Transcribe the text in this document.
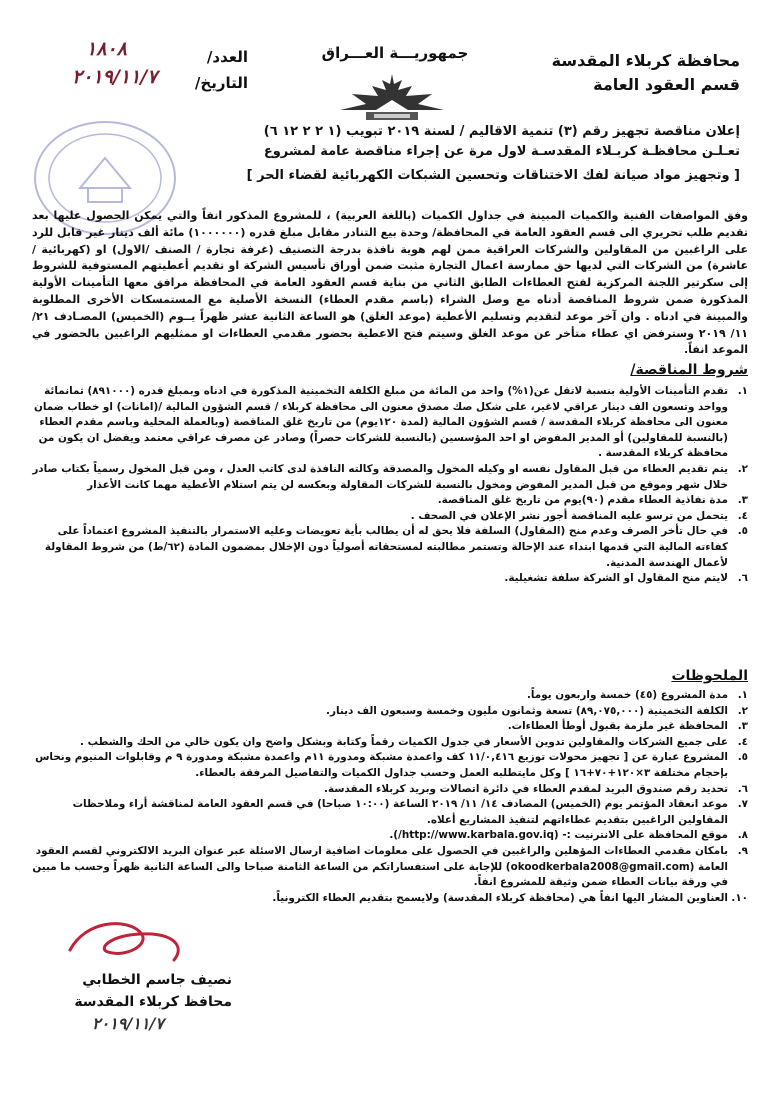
العدد/
١٨٠٨
التاريخ/
٢٠١٩/١١/٧
جمهوريـــة العـــراق	محافظة كربلاء المقدسة
قسم العقود العامة
إعلان مناقصة تجهيز رقم (٣) تنمية الاقاليم / لسنة ٢٠١٩ تبويب (١ ٢ ٢ ١٢ ٦)
تعـلـن محافظـة كربـلاء المقدسـة لاول مرة عن إجراء مناقصة عامة لمشروع
[ وتجهيز مواد صيانة لفك الاختناقات وتحسين الشبكات الكهربائية لقضاء الحر ]
وفق المواصفات الفنية والكميات المبينة في جداول الكميات (باللغة العربية) ، للمشروع المذكور انفاً والتي يمكن الحصول عليها بعد تقديم طلب تحريري الى قسم العقود العامة في المحافظة/ وحدة بيع التنادر مقابل مبلغ قدره (١٠٠٠٠٠٠) مائة ألف دينار غير قابل للرد على الراغبين من المقاولين والشركات العراقية ممن لهم هوية نافذة بدرجة التصنيف (غرفة تجارة / الصنف /الاول) او (كهربائية /عاشرة) من الشركات التي لديها حق ممارسة اعمال التجارة مثبت ضمن أوراق تأسيس الشركة او تقديم أعطيتهم المستوفية للشروط إلى سكرتير اللجنة المركزية لفتح العطاءات الطابق الثاني من بناية قسم العقود العامة في المحافظة مرافق معها التأمينات الأولية المذكورة ضمن شروط المناقصة أدناه مع وصل الشراء (باسم مقدم العطاء) النسخة الأصلية مع المستمسكات الأخرى المطلوبة والمبينة في ادناه . وان آخر موعد لتقديم وتسليم الأعطية (موعد الغلق) هو الساعة الثانية عشر ظهراً يــوم (الخميس) المصـادف ٢١/ ١١/ ٢٠١٩ وسترفض اي عطاء متأخر عن موعد الغلق وسيتم فتح الاعطية بحضور مقدمي العطاءات او ممثليهم الراغبين بالحضور في الموعد انفاً.
شروط المناقصة/
١.
تقدم التأمينات الأولية بنسبة لاتقل عن(١%) واحد من المائة من مبلغ الكلفة التخمينية المذكورة في ادناه وبمبلغ قدره (٨٩١٠٠٠) ثمانمائة وواحد وتسعون الف دينار عراقي لاغير، على شكل صك مصدق معنون الى محافظة كربلاء / قسم الشؤون المالية /(امانات) او خطاب ضمان معنون الى محافظة كربلاء المقدسة / قسم الشؤون المالية (لمدة ١٢٠يوم) من تاريخ غلق المناقصة (وبالعملة المحلية وباسم مقدم العطاء (بالنسبة للمقاولين) أو المدير المفوض او احد المؤسسين (بالنسبة للشركات حصراً) وصادر عن مصرف عراقي معتمد ويفضل ان يكون من محافظة كربلاء المقدسة .
٢.
يتم تقديم العطاء من قبل المقاول نفسه او وكيله المخول والمصدقة وكالته النافذة لدى كاتب العدل ، ومن قبل المخول رسمياً بكتاب صادر خلال شهر وموقع من قبل المدير المفوض ومخول بالنسبة للشركات المقاولة وبعكسه لن يتم استلام الأعطية مهما كانت الأعذار
٣.
مدة نفاذية العطاء مقدم (٩٠)يوم من تاريخ غلق المناقصة.
٤.
يتحمل من ترسو عليه المناقصة أجور نشر الإعلان في الصحف .
٥.
في حال تأخر الصرف وعدم منح (المقاول) السلفة فلا يحق له أن يطالب بأية تعويضات وعليه الاستمرار بالتنفيذ المشروع اعتماداً على كفاءته المالية التي قدمها ابتداء عند الإحالة وتستمر مطالبته لمستحقاته أصولياً دون الإخلال بمضمون المادة (٦٢/ط) من شروط المقاولة لأعمال الهندسة المدنية.
٦.
لايتم منح المقاول او الشركة سلفة تشغيلية.
الملحوظات
١.
مدة المشروع (٤٥) خمسة واربعون يوماً.
٢.
الكلفة التخمينية (٨٩,٠٧٥,٠٠٠) تسعة وثمانون مليون وخمسة وسبعون الف دينار.
٣.
المحافظة غير ملزمة بقبول أوطأ العطاءات.
٤.
على جميع الشركات والمقاولين تدوين الأسعار في جدول الكميات رقماً وكتابة وبشكل واضح وان يكون خالي من الحك والشطب .
٥.
المشروع عبارة عن [ تجهيز محولات توزيع ١١/٠,٤١٦ كف واعمدة مشبكة ومدورة ١١م واعمدة مشبكة ومدورة ٩ م وقابلوات المنيوم ونحاس بإحجام مختلفة ٣×١٢٠+٧٠+١٦ ] وكل مايتطلبه العمل وحسب جداول الكميات والتفاصيل المرفقة بالعطاء.
٦.
تحديد رقم صندوق البريد لمقدم العطاء في دائرة اتصالات وبريد كربلاء المقدسة.
٧.
موعد انعقاد المؤتمر يوم (الخميس) المصادف ١٤/ ١١/ ٢٠١٩ الساعة (١٠:٠٠ صباحا) في قسم العقود العامة لمناقشة أراء وملاحظات المقاولين الراغبين بتقديم عطاءاتهم لتنفيذ المشاريع أعلاه.
٨.
موقع المحافظة على الانترنيت :- (http://www.karbala.gov.iq/).
٩.
بامكان مقدمي العطاءات المؤهلين والراغبين في الحصول على معلومات اضافية ارسال الاسئلة عبر عنوان البريد الالكتروني لقسم العقود العامة (okoodkerbala2008@gmail.com) للإجابة على استفساراتكم من الساعة الثامنة صباحا والى الساعة الثانية ظهراً وحسب ما مبين في ورقة بيانات العطاء ضمن وثيقة للمشروع انفاً.
١٠.
العناوين المشار اليها انفاً هي (محافظة كربلاء المقدسة) ولايسمح بتقديم العطاء الكترونياً.
نصيف جاسم الخطابي
محافظ كربلاء المقدسة
٢٠١٩/١١/٧
